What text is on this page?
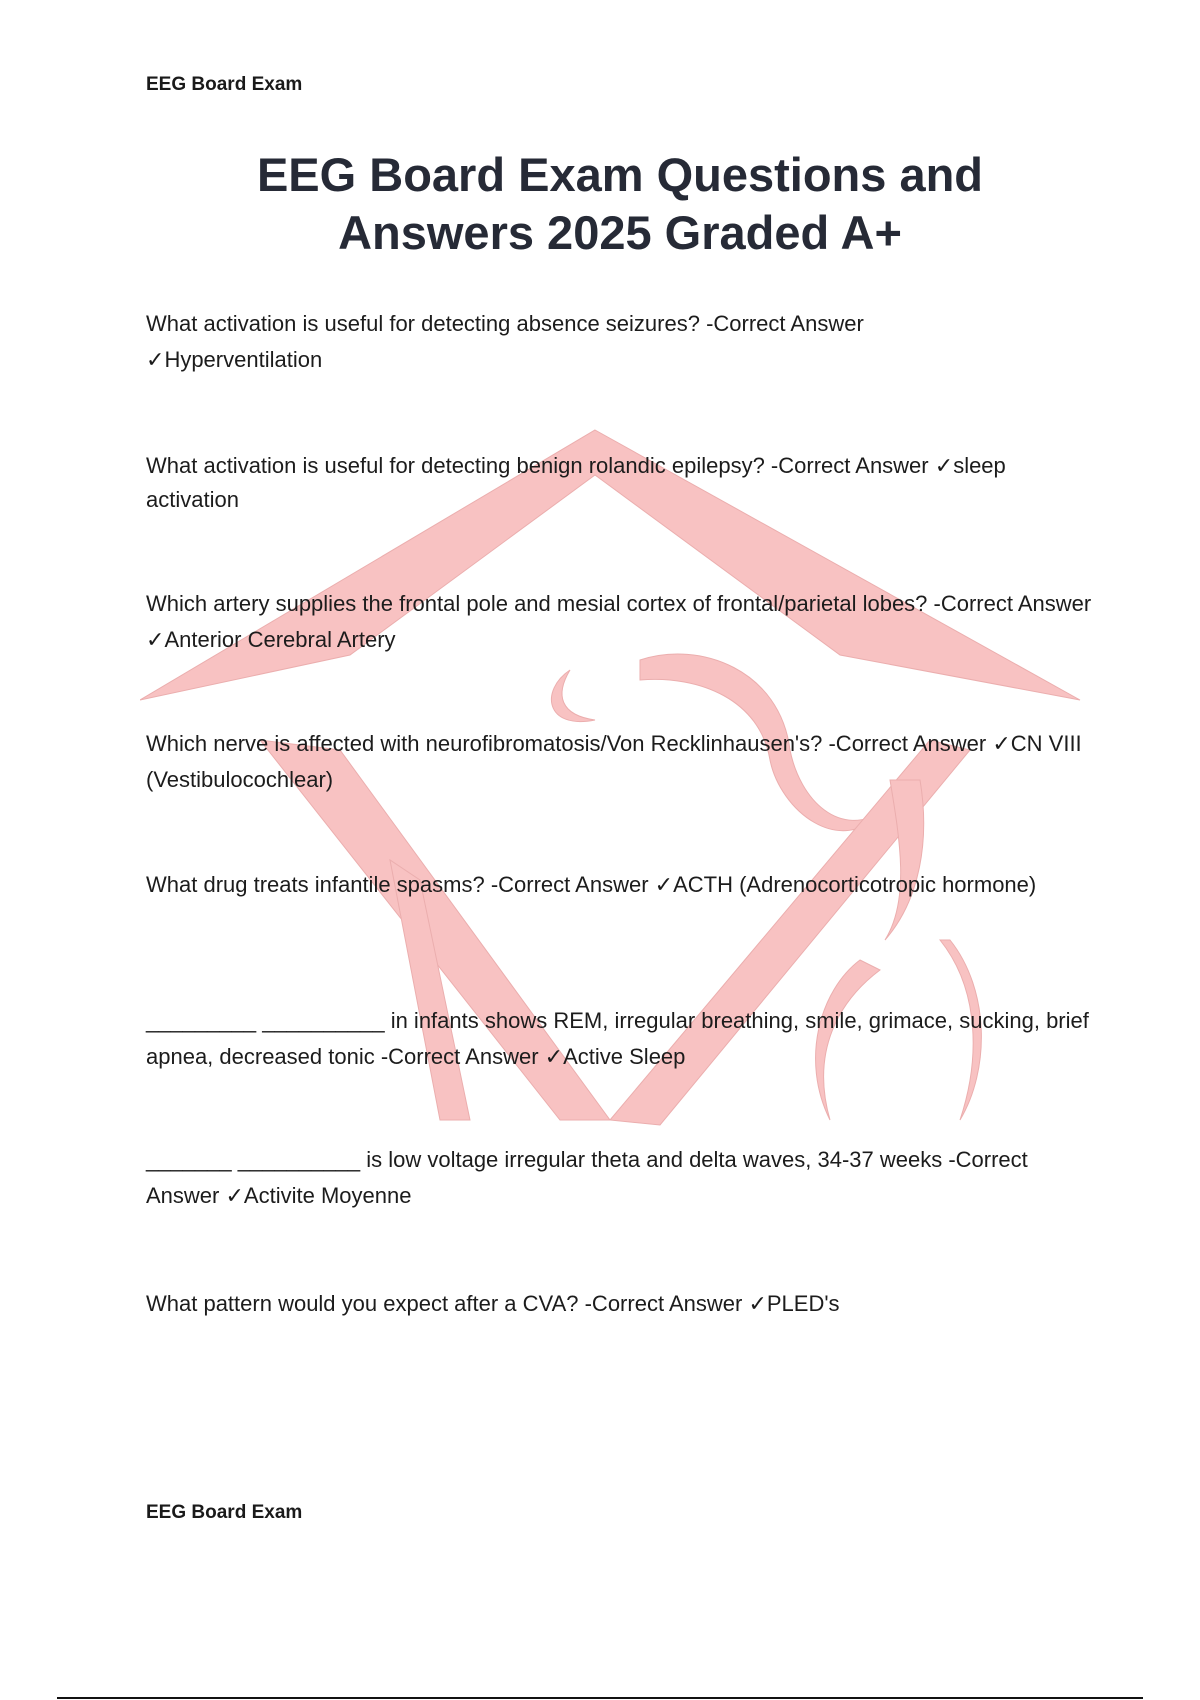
EEG Board Exam
EEG Board Exam Questions and
Answers 2025 Graded A+
What activation is useful for detecting absence seizures? -Correct Answer
✓Hyperventilation
What activation is useful for detecting benign rolandic epilepsy? -Correct Answer ✓sleep activation
Which artery supplies the frontal pole and mesial cortex of frontal/parietal lobes? -Correct Answer ✓Anterior Cerebral Artery
Which nerve is affected with neurofibromatosis/Von Recklinhausen's? -Correct Answer ✓CN VIII (Vestibulocochlear)
What drug treats infantile spasms? -Correct Answer ✓ACTH (Adrenocorticotropic hormone)
_________ __________ in infants shows REM, irregular breathing, smile, grimace, sucking, brief apnea, decreased tonic -Correct Answer ✓Active Sleep
_______ __________ is low voltage irregular theta and delta waves, 34-37 weeks -Correct Answer ✓Activite Moyenne
What pattern would you expect after a CVA? -Correct Answer ✓PLED's
EEG Board Exam
